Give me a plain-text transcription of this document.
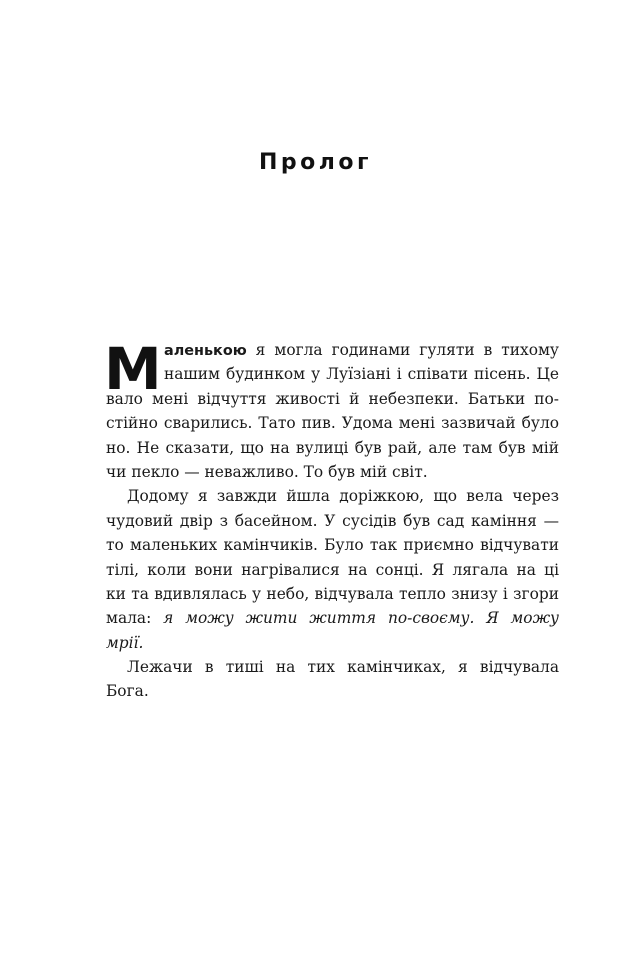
Пролог
М аленькою я могла годинами гуляти в тихому
нашим будинком у Луїзіані і співати пісень. Це
вало мені відчуття живості й небезпеки. Батьки по-
стійно сварились. Тато пив. Удома мені зазвичай було
но. Не сказати, що на вулиці був рай, але там був мій
чи пекло — неважливо. То був мій світ.
Додому я завжди йшла доріжкою, що вела через
чудовий двір з басейном. У сусідів був сад каміння —
то маленьких камінчиків. Було так приємно відчувати
тілі, коли вони нагрівалися на сонці. Я лягала на ці
ки та вдивлялась у небо, відчувала тепло знизу і згори
мала: я можу жити життя по-своєму. Я можу
мрії.
Лежачи в тиші на тих камінчиках, я відчувала
Бога.
